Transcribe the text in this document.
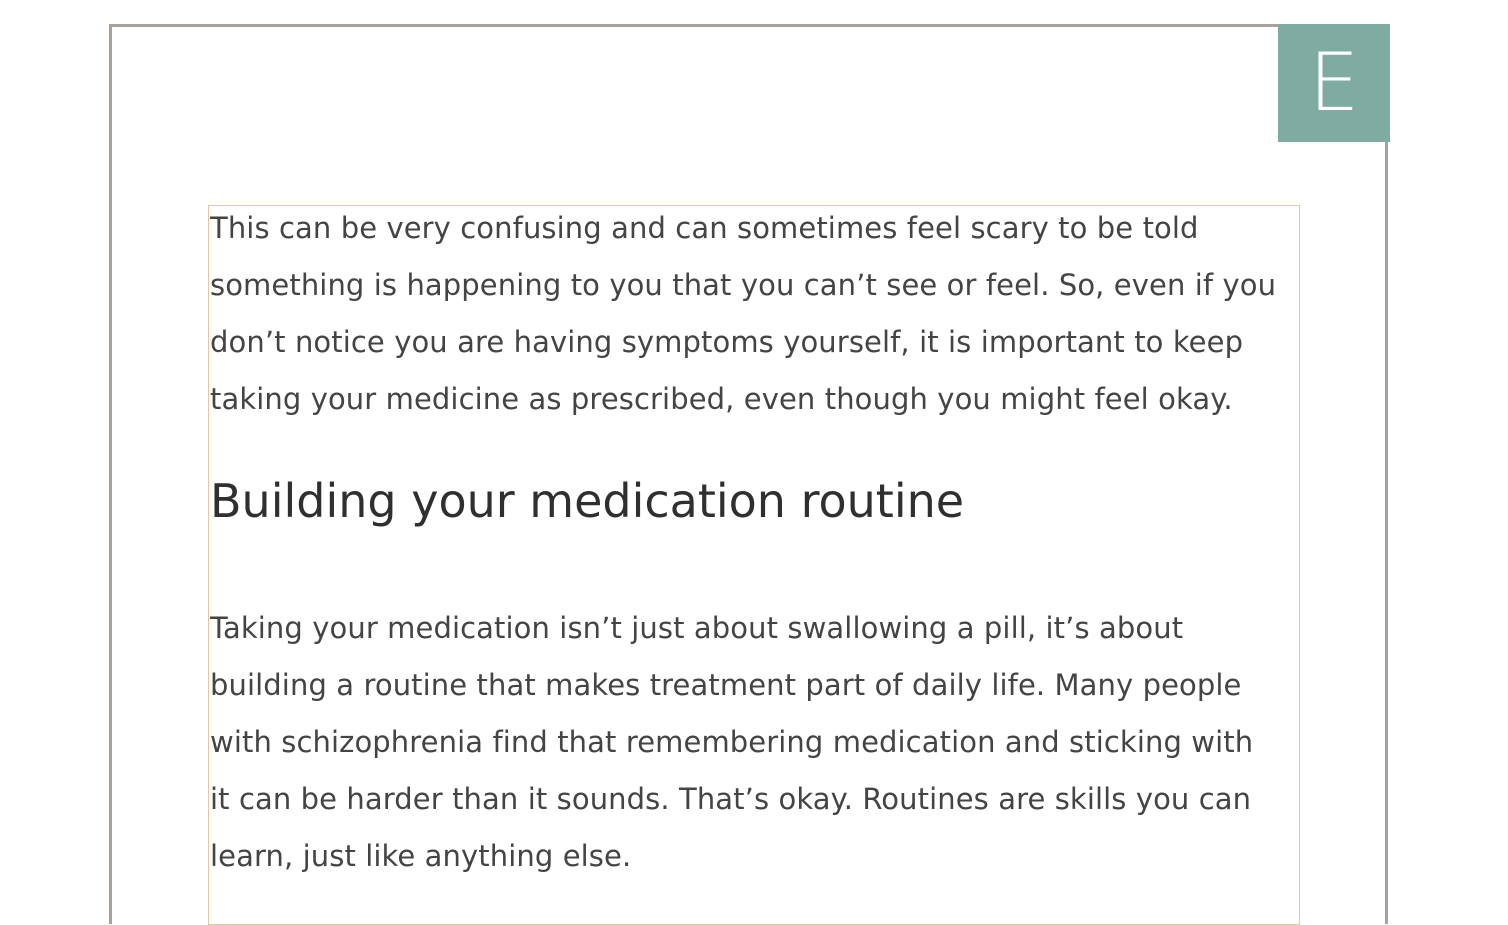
E

This can be very confusing and can sometimes feel scary to be told
something is happening to you that you can’t see or feel. So, even if you
don’t notice you are having symptoms yourself, it is important to keep
taking your medicine as prescribed, even though you might feel okay.

Building your medication routine

Taking your medication isn’t just about swallowing a pill, it’s about
building a routine that makes treatment part of daily life. Many people
with schizophrenia find that remembering medication and sticking with
it can be harder than it sounds. That’s okay. Routines are skills you can
learn, just like anything else.
